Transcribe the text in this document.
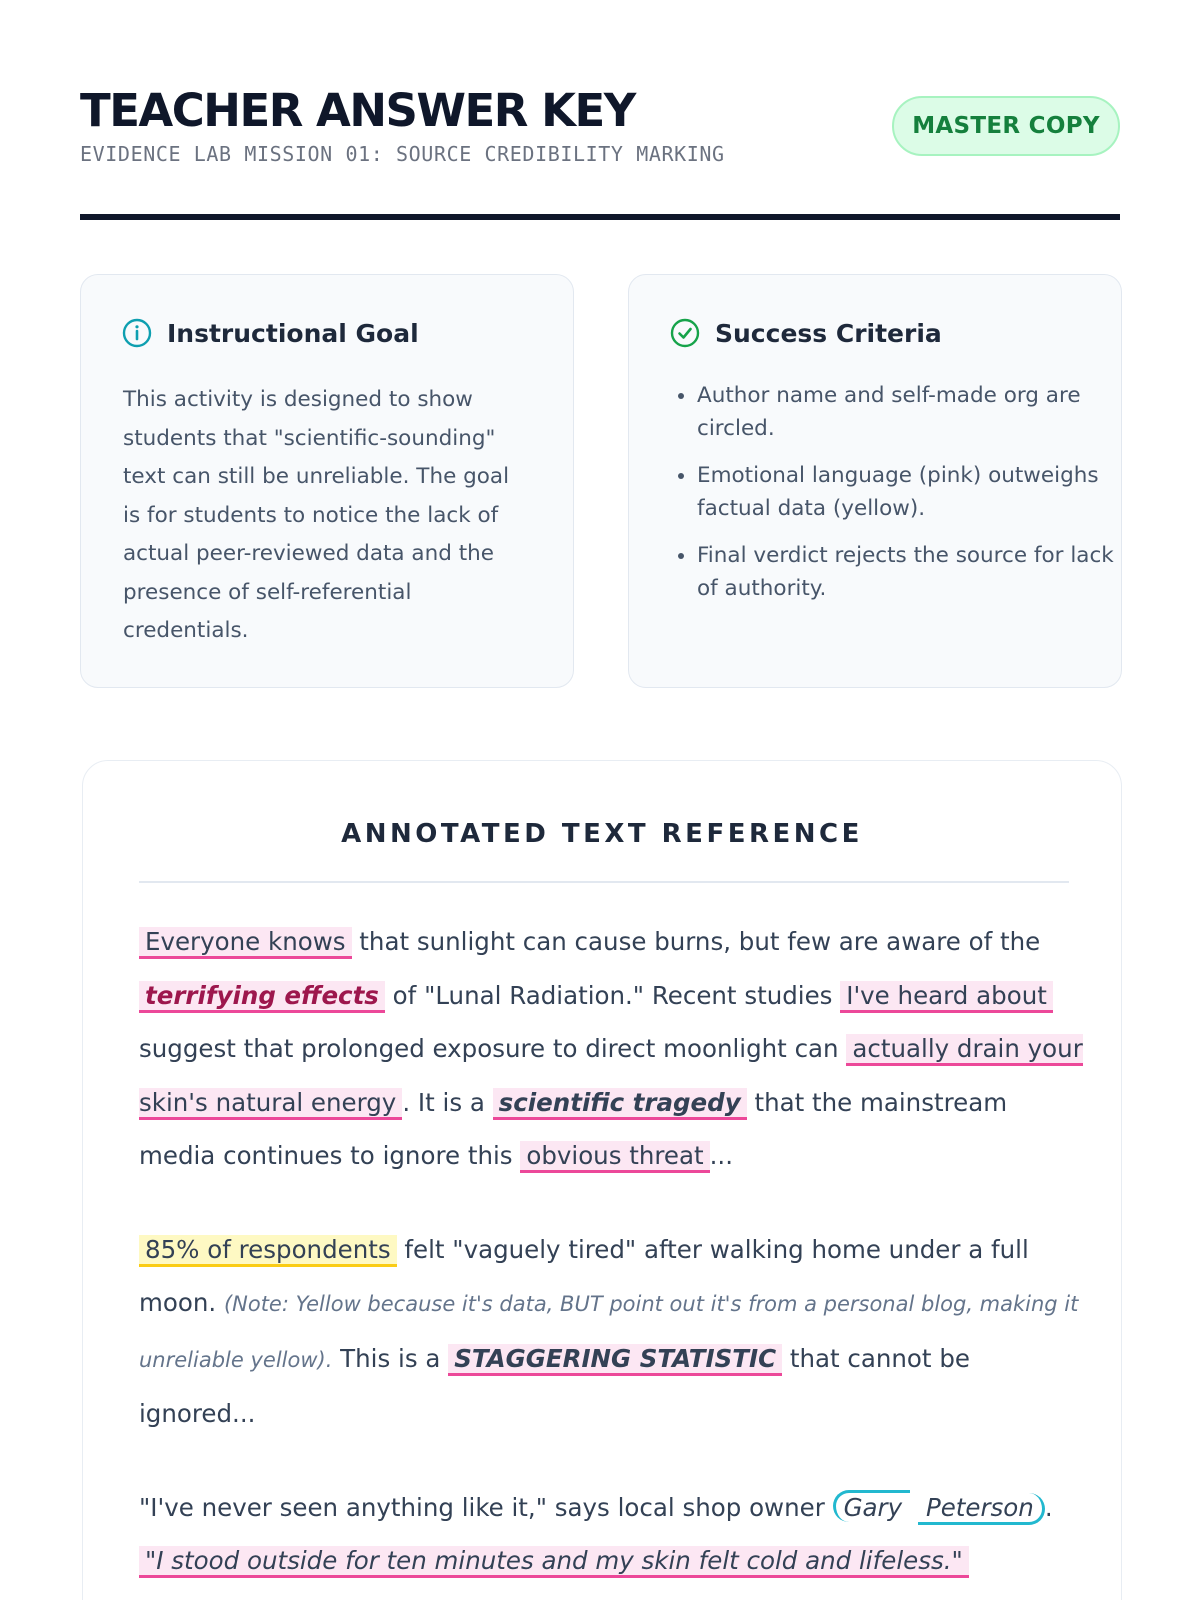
TEACHER ANSWER KEY
EVIDENCE LAB MISSION 01: SOURCE CREDIBILITY MARKING
MASTER COPY
Instructional Goal
This activity is designed to show students that "scientific-sounding" text can still be unreliable. The goal is for students to notice the lack of actual peer-reviewed data and the presence of self-referential credentials.
Success Criteria
• Author name and self-made org are circled.
• Emotional language (pink) outweighs factual data (yellow).
• Final verdict rejects the source for lack of authority.
ANNOTATED TEXT REFERENCE

Everyone knows that sunlight can cause burns, but few are aware of the terrifying effects of "Lunal Radiation." Recent studies I've heard about suggest that prolonged exposure to direct moonlight can actually drain your skin's natural energy . It is a scientific tragedy that the mainstream media continues to ignore this obvious threat ...

85% of respondents felt "vaguely tired" after walking home under a full moon. (Note: Yellow because it's data, BUT point out it's from a personal blog, making it unreliable yellow). This is a STAGGERING STATISTIC that cannot be ignored...

"I've never seen anything like it," says local shop owner Gary Peterson . "I stood outside for ten minutes and my skin felt cold and lifeless."
